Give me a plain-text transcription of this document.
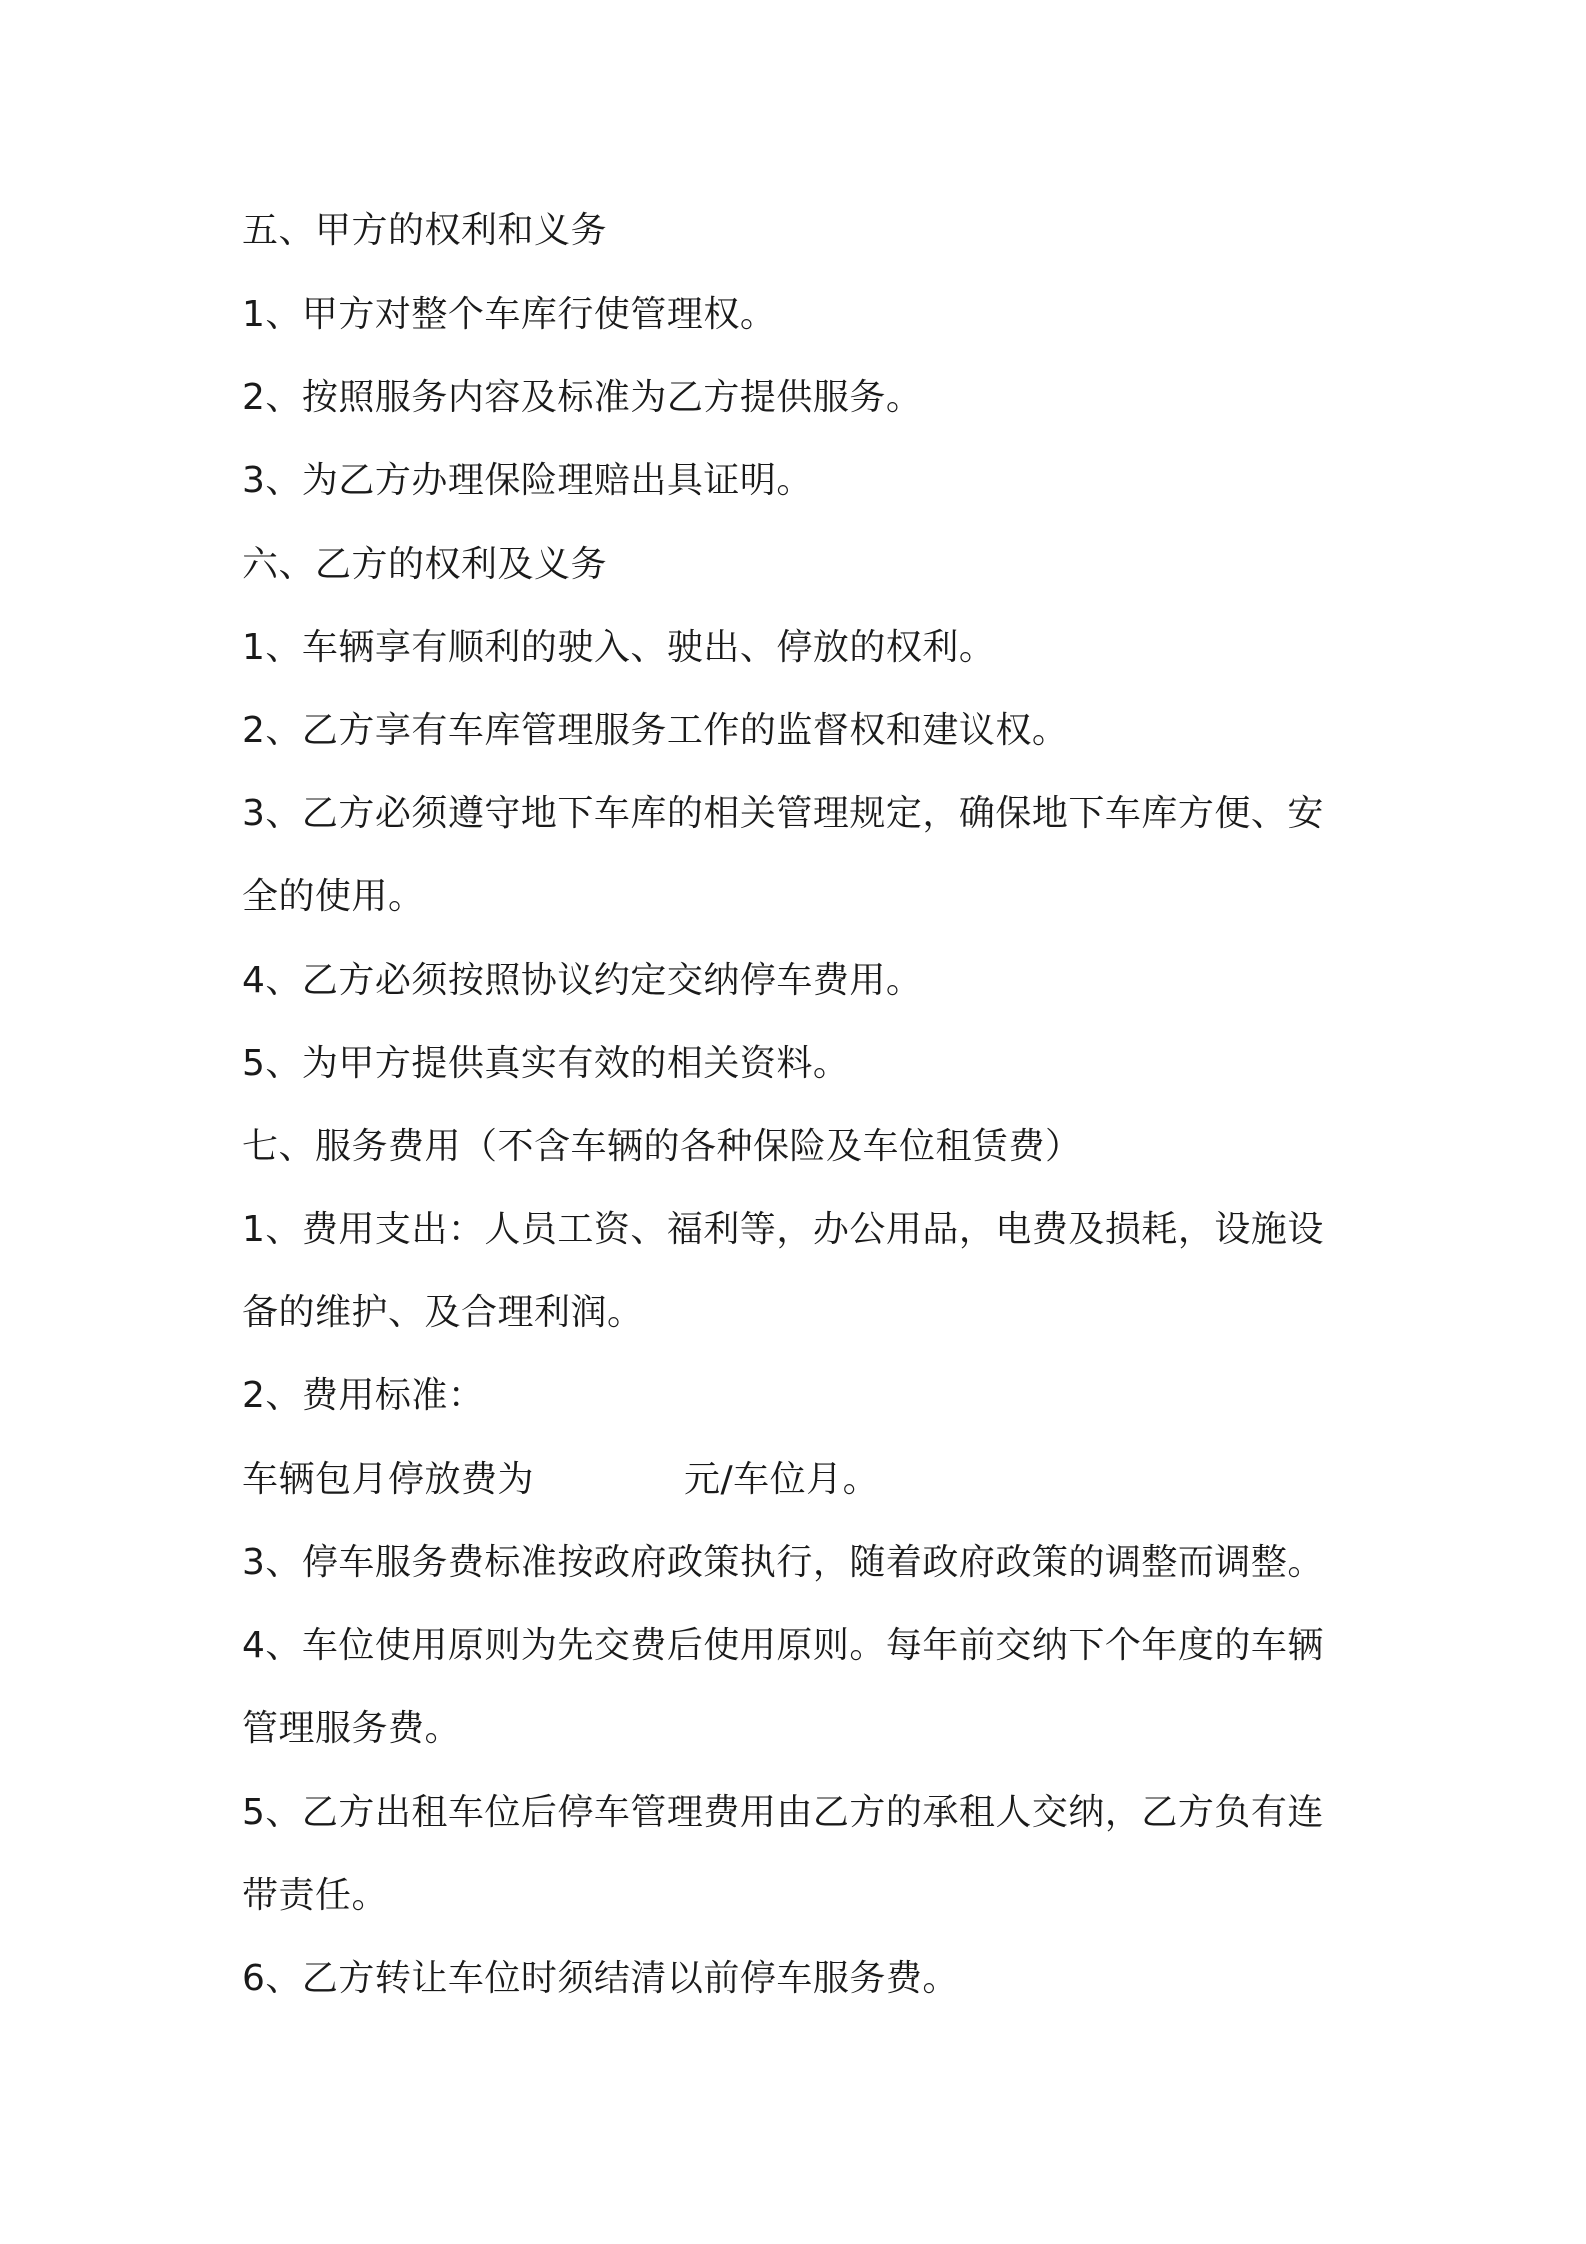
五、甲方的权利和义务

1、甲方对整个车库行使管理权。

2、按照服务内容及标准为乙方提供服务。

3、为乙方办理保险理赔出具证明。

六、乙方的权利及义务

1、车辆享有顺利的驶入、驶出、停放的权利。

2、乙方享有车库管理服务工作的监督权和建议权。

3、乙方必须遵守地下车库的相关管理规定，确保地下车库方便、安

全的使用。

4、乙方必须按照协议约定交纳停车费用。

5、为甲方提供真实有效的相关资料。

七、服务费用（不含车辆的各种保险及车位租赁费）

1、费用支出：人员工资、福利等，办公用品，电费及损耗，设施设

备的维护、及合理利润。

2、费用标准：

车辆包月停放费为	元/车位月。

3、停车服务费标准按政府政策执行，随着政府政策的调整而调整。

4、车位使用原则为先交费后使用原则。每年前交纳下个年度的车辆

管理服务费。

5、乙方出租车位后停车管理费用由乙方的承租人交纳，乙方负有连

带责任。

6、乙方转让车位时须结清以前停车服务费。
